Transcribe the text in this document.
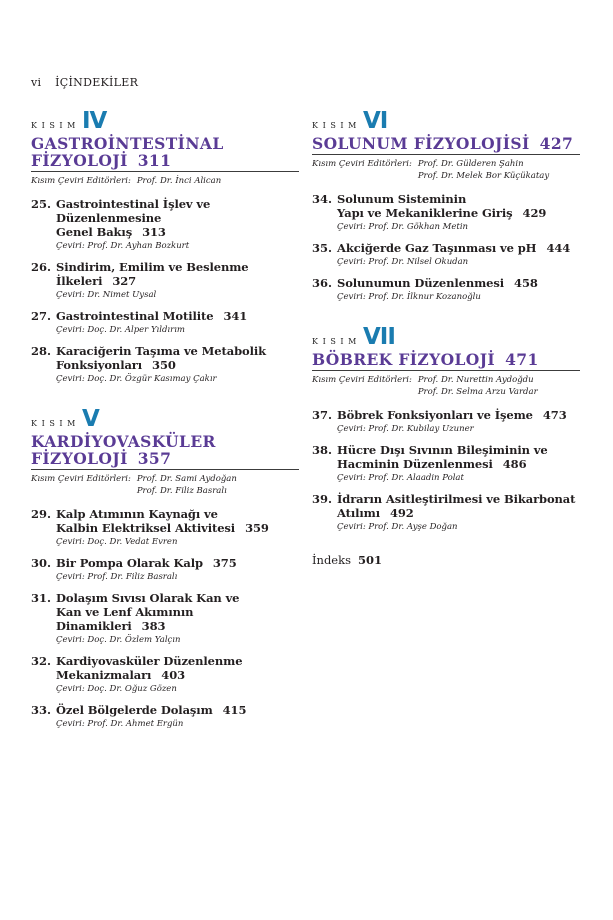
vi İÇİNDEKİLER
KISIM IV
GASTROİNTESTİNAL
FİZYOLOJİ 311
Kısım Çeviri Editörleri: Prof. Dr. İnci Alican
25. Gastrointestinal İşlev ve Düzenlenmesine
Genel Bakış 313
Çeviri: Prof. Dr. Ayhan Bozkurt
26. Sindirim, Emilim ve Beslenme İlkeleri 327
Çeviri: Dr. Nimet Uysal
27. Gastrointestinal Motilite 341
Çeviri: Doç. Dr. Alper Yıldırım
28. Karaciğerin Taşıma ve Metabolik
Fonksiyonları 350
Çeviri: Doç. Dr. Özgür Kasımay Çakır
KISIM V
KARDİYOVASKÜLER
FİZYOLOJİ 357
Kısım Çeviri Editörleri: Prof. Dr. Sami Aydoğan
Prof. Dr. Filiz Basralı
29. Kalp Atımının Kaynağı ve
Kalbin Elektriksel Aktivitesi 359
Çeviri: Doç. Dr. Vedat Evren
30. Bir Pompa Olarak Kalp 375
Çeviri: Prof. Dr. Filiz Basralı
31. Dolaşım Sıvısı Olarak Kan ve
Kan ve Lenf Akımının Dinamikleri 383
Çeviri: Doç. Dr. Özlem Yalçın
32. Kardiyovasküler Düzenlenme
Mekanizmaları 403
Çeviri: Doç. Dr. Oğuz Gözen
33. Özel Bölgelerde Dolaşım 415
Çeviri: Prof. Dr. Ahmet Ergün
KISIM VI
SOLUNUM FİZYOLOJİSİ 427
Kısım Çeviri Editörleri: Prof. Dr. Gülderen Şahin
Prof. Dr. Melek Bor Küçükatay
34. Solunum Sisteminin
Yapı ve Mekaniklerine Giriş 429
Çeviri: Prof. Dr. Gökhan Metin
35. Akciğerde Gaz Taşınması ve pH 444
Çeviri: Prof. Dr. Nilsel Okudan
36. Solunumun Düzenlenmesi 458
Çeviri: Prof. Dr. İlknur Kozanoğlu
KISIM VII
BÖBREK FİZYOLOJİ 471
Kısım Çeviri Editörleri: Prof. Dr. Nurettin Aydoğdu
Prof. Dr. Selma Arzu Vardar
37. Böbrek Fonksiyonları ve İşeme 473
Çeviri: Prof. Dr. Kubilay Uzuner
38. Hücre Dışı Sıvının Bileşiminin ve
Hacminin Düzenlenmesi 486
Çeviri: Prof. Dr. Alaadin Polat
39. İdrarın Asitleştirilmesi ve Bikarbonat
Atılımı 492
Çeviri: Prof. Dr. Ayşe Doğan
İndeks 501
